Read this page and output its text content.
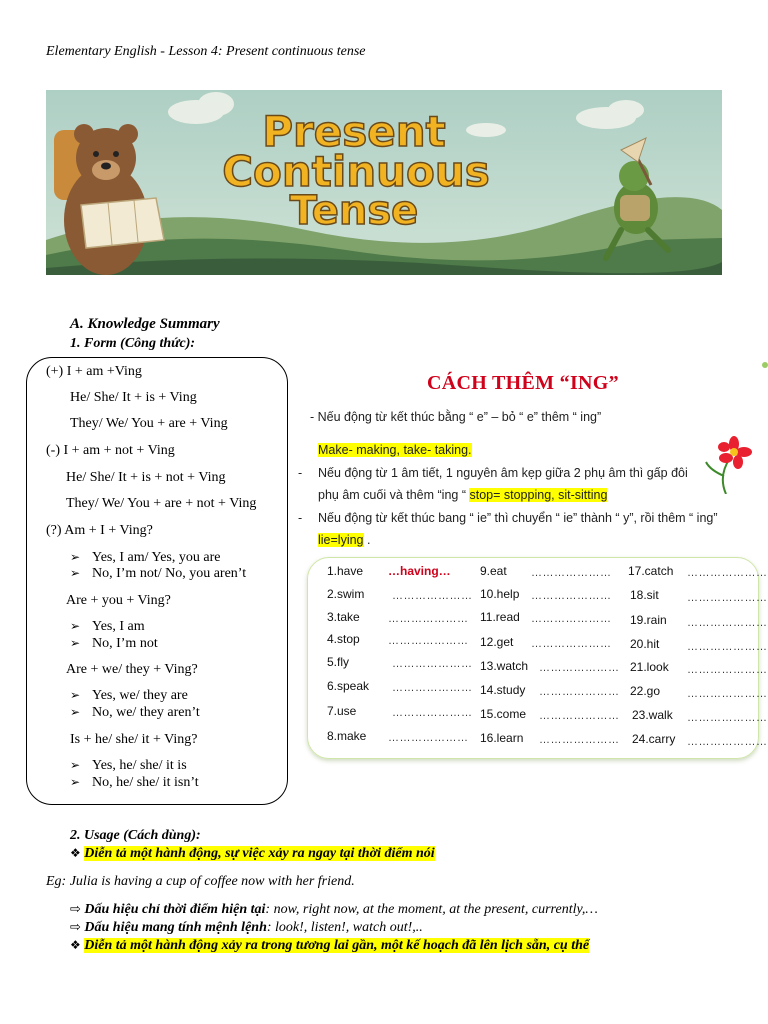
Elementary English - Lesson 4: Present continuous tense
Present
Continuous
Tense
A. Knowledge Summary
1. Form (Công thức):
(+) I + am +Ving
He/ She/ It + is + Ving
They/ We/ You + are + Ving
(-) I + am + not + Ving
He/ She/ It + is + not + Ving
They/ We/ You + are + not + Ving
(?) Am + I + Ving?
➢ Yes, I am/ Yes, you are
➢ No, I’m not/ No, you aren’t
Are + you + Ving?
➢ Yes, I am
➢ No, I’m not
Are + we/ they + Ving?
➢ Yes, we/ they are
➢ No, we/ they aren’t
Is + he/ she/ it + Ving?
➢ Yes, he/ she/ it is
➢ No, he/ she/ it isn’t
CÁCH THÊM “ING”
- Nếu động từ kết thúc bằng “ e” – bỏ “ e” thêm “ ing”
Make- making, take- taking.
- Nếu động từ 1 âm tiết, 1 nguyên âm kẹp giữa 2 phụ âm thì gấp đôi
phụ âm cuối và thêm “ing “ stop= stopping, sit-sitting
- Nếu động từ kết thúc bang “ ie” thì chuyển “ ie” thành “ y”, rồi thêm “ ing”
lie=lying .
1.have
2.swim
3.take
4.stop
5.fly
6.speak
7.use
8.make
…having…
…………………
…………………
…………………
…………………
…………………
…………………
…………………
9.eat
10.help
11.read
12.get
13.watch
14.study
15.come
16.learn
…………………
…………………
…………………
…………………
…………………
…………………
…………………
…………………
17.catch
18.sit
19.rain
20.hit
21.look
22.go
23.walk
24.carry
…………………
…………………
…………………
…………………
…………………
…………………
…………………
…………………
2. Usage (Cách dùng):
❖ Diễn tả một hành động, sự việc xảy ra ngay tại thời điểm nói
Eg: Julia is having a cup of coffee now with her friend.
⇨ Dấu hiệu chỉ thời điểm hiện tại: now, right now, at the moment, at the present, currently,…
⇨ Dấu hiệu mang tính mệnh lệnh: look!, listen!, watch out!,..
❖ Diễn tả một hành động xảy ra trong tương lai gần, một kế hoạch đã lên lịch sẵn, cụ thể
